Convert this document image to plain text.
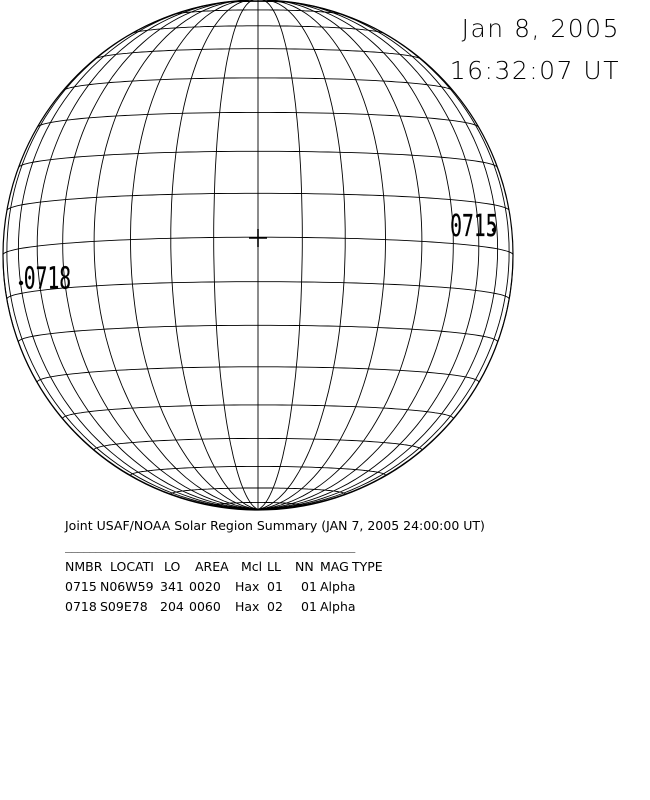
0715
0718
Jan 8, 2005
16:32:07 UT
Joint USAF/NOAA Solar Region Summary (JAN 7, 2005 24:00:00 UT)
________________________________________________

NMBR

LOCATI

LO

AREA

Mcl

LL

NN

MAG

TYPE

0715

N06W59

341

0020

Hax

01

01

Alpha

0718

S09E78

204

0060

Hax

02

01

Alpha
